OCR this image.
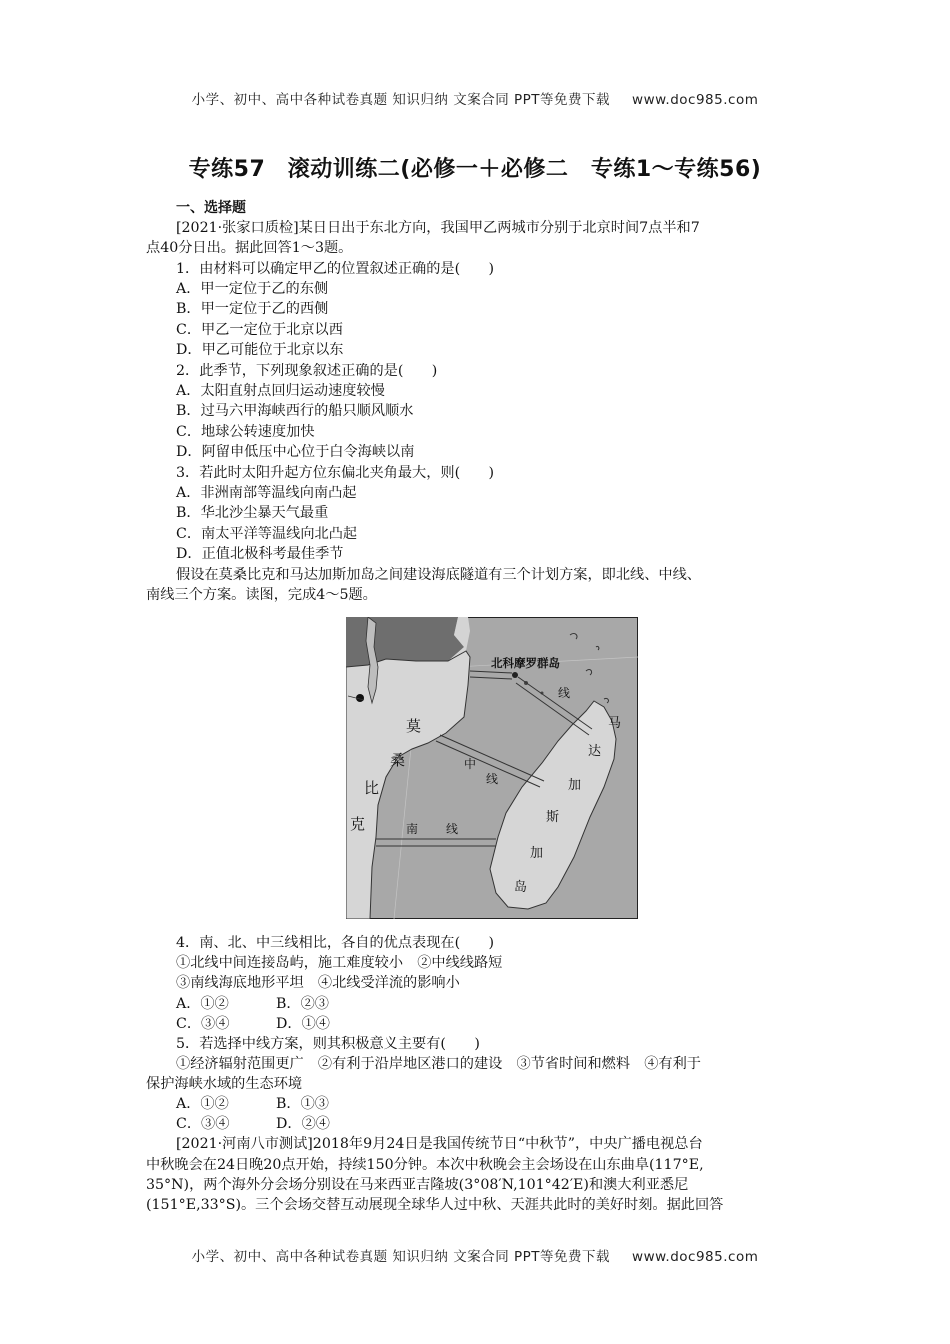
小学、初中、高中各种试卷真题 知识归纳 文案合同 PPT等免费下载 www.doc985.com
专练57　滚动训练二(必修一＋必修二　专练1～专练56)
一、选择题
[2021·张家口质检]某日日出于东北方向，我国甲乙两城市分别于北京时间7点半和7
点40分日出。据此回答1～3题。
1．由材料可以确定甲乙的位置叙述正确的是(　　)
A．甲一定位于乙的东侧
B．甲一定位于乙的西侧
C．甲乙一定位于北京以西
D．甲乙可能位于北京以东
2．此季节，下列现象叙述正确的是(　　)
A．太阳直射点回归运动速度较慢
B．过马六甲海峡西行的船只顺风顺水
C．地球公转速度加快
D．阿留申低压中心位于白令海峡以南
3．若此时太阳升起方位东偏北夹角最大，则(　　)
A．非洲南部等温线向南凸起
B．华北沙尘暴天气最重
C．南太平洋等温线向北凸起
D．正值北极科考最佳季节
假设在莫桑比克和马达加斯加岛之间建设海底隧道有三个计划方案，即北线、中线、
南线三个方案。读图，完成4～5题。
北科摩罗群岛
线
莫
桑
比
克
中
线
南 线
马
达
加
斯
加
岛
4．南、北、中三线相比，各自的优点表现在(　　)
①北线中间连接岛屿，施工难度较小　②中线线路短
③南线海底地形平坦　④北线受洋流的影响小
A．①②	B．②③
C．③④	D．①④
5．若选择中线方案，则其积极意义主要有(　　)
①经济辐射范围更广　②有利于沿岸地区港口的建设　③节省时间和燃料　④有利于
保护海峡水域的生态环境
A．①②	B．①③
C．③④	D．②④
[2021·河南八市测试]2018年9月24日是我国传统节日“中秋节”，中央广播电视总台
中秋晚会在24日晚20点开始，持续150分钟。本次中秋晚会主会场设在山东曲阜(117°E,
35°N)，两个海外分会场分别设在马来西亚吉隆坡(3°08′N,101°42′E)和澳大利亚悉尼
(151°E,33°S)。三个会场交替互动展现全球华人过中秋、天涯共此时的美好时刻。据此回答
小学、初中、高中各种试卷真题 知识归纳 文案合同 PPT等免费下载 www.doc985.com
